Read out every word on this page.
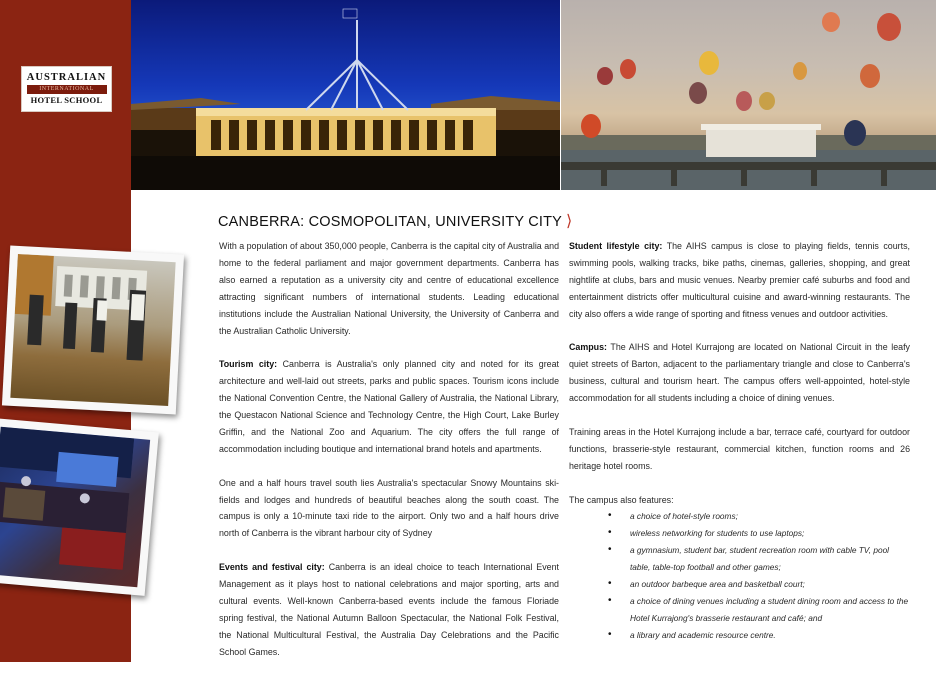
AUSTRALIAN
INTERNATIONAL
HOTEL SCHOOL
CANBERRA: COSMOPOLITAN, UNIVERSITY CITY ⟩

With a population of about 350,000 people, Canberra is the capital city of Australia and home to the federal parliament and major government departments. Canberra has also earned a reputation as a university city and centre of educational excellence attracting significant numbers of international students. Leading educational institutions include the Australian National University, the University of Canberra and the Australian Catholic University.

Tourism city: Canberra is Australia's only planned city and noted for its great architecture and well-laid out streets, parks and public spaces. Tourism icons include the National Convention Centre, the National Gallery of Australia, the National Library, the Questacon National Science and Technology Centre, the High Court, Lake Burley Griffin, and the National Zoo and Aquarium. The city offers the full range of accommodation including boutique and international brand hotels and apartments.

One and a half hours travel south lies Australia's spectacular Snowy Mountains ski-fields and lodges and hundreds of beautiful beaches along the south coast. The campus is only a 10-minute taxi ride to the airport. Only two and a half hours drive north of Canberra is the vibrant harbour city of Sydney

Events and festival city: Canberra is an ideal choice to teach International Event Management as it plays host to national celebrations and major sporting, arts and cultural events. Well-known Canberra-based events include the famous Floriade spring festival, the National Autumn Balloon Spectacular, the National Folk Festival, the National Multicultural Festival, the Australia Day Celebrations and the Pacific School Games.

Student lifestyle city: The AIHS campus is close to playing fields, tennis courts, swimming pools, walking tracks, bike paths, cinemas, galleries, shopping, and great nightlife at clubs, bars and music venues. Nearby premier café suburbs and food and entertainment districts offer multicultural cuisine and award-winning restaurants. The city also offers a wide range of sporting and fitness venues and outdoor activities.

Campus: The AIHS and Hotel Kurrajong are located on National Circuit in the leafy quiet streets of Barton, adjacent to the parliamentary triangle and close to Canberra's business, cultural and tourism heart. The campus offers well-appointed, hotel-style accommodation for all students including a choice of dining venues.

Training areas in the Hotel Kurrajong include a bar, terrace café, courtyard for outdoor functions, brasserie-style restaurant, commercial kitchen, function rooms and 26 heritage hotel rooms.

The campus also features:
• a choice of hotel-style rooms;
• wireless networking for students to use laptops;
• a gymnasium, student bar, student recreation room with cable TV, pool table, table-top football and other games;
• an outdoor barbeque area and basketball court;
• a choice of dining venues including a student dining room and access to the Hotel Kurrajong's brasserie restaurant and café; and
• a library and academic resource centre.
